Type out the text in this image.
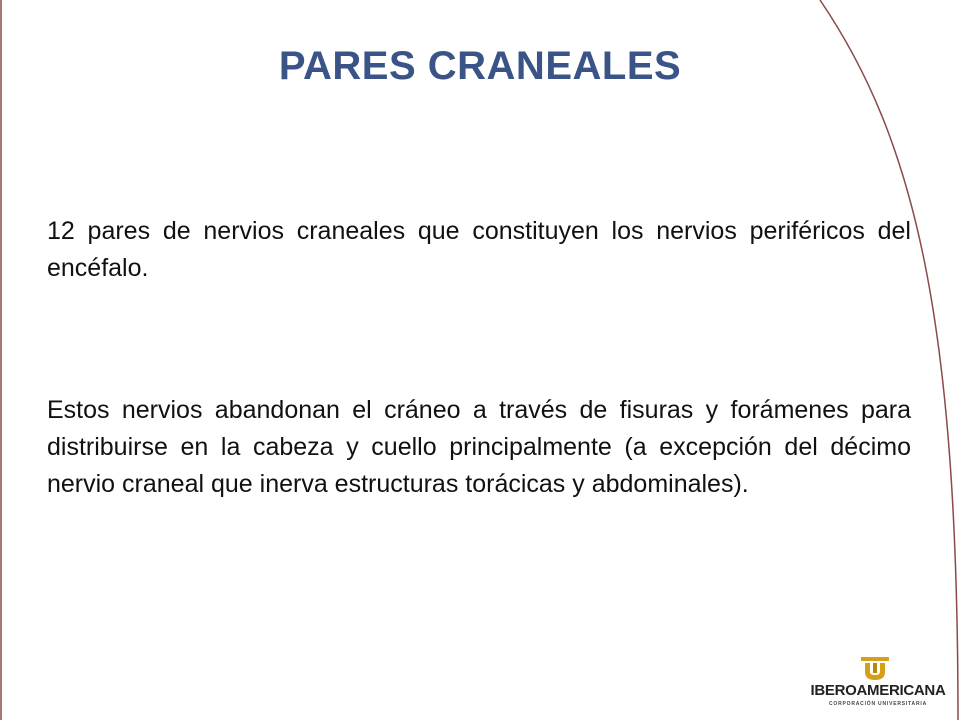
PARES CRANEALES

12 pares de nervios craneales que constituyen los nervios periféricos del encéfalo.

Estos nervios abandonan el cráneo a través de fisuras y forámenes para distribuirse en la cabeza y cuello principalmente (a excepción del décimo nervio craneal que inerva estructuras torácicas y abdominales).

IBEROAMERICANA
CORPORACIÓN UNIVERSITARIA
